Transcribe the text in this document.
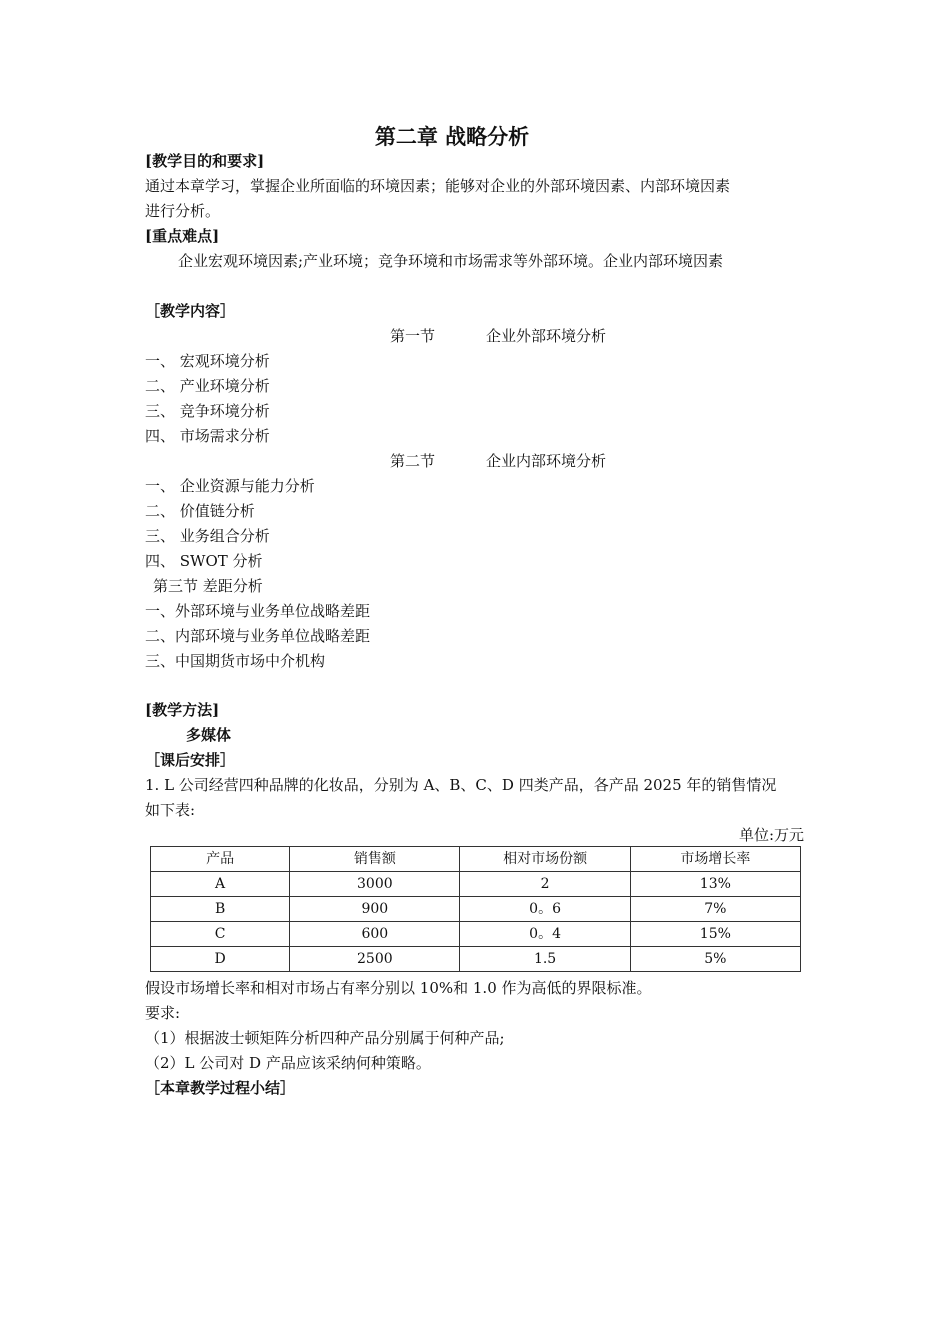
第二章 战略分析
[教学目的和要求]
通过本章学习，掌握企业所面临的环境因素；能够对企业的外部环境因素、内部环境因素
进行分析。
[重点难点]
企业宏观环境因素;产业环境；竞争环境和市场需求等外部环境。企业内部环境因素
［教学内容］
第一节	企业外部环境分析
一、 宏观环境分析
二、 产业环境分析
三、 竞争环境分析
四、 市场需求分析
第二节	企业内部环境分析
一、 企业资源与能力分析
二、 价值链分析
三、 业务组合分析
四、 SWOT 分析
第三节 差距分析
一、外部环境与业务单位战略差距
二、内部环境与业务单位战略差距
三、中国期货市场中介机构
[教学方法]
多媒体
［课后安排］
1. L 公司经营四种品牌的化妆品，分别为 A、B、C、D 四类产品，各产品 2025 年的销售情况
如下表:
单位:万元
产品	销售额	相对市场份额	市场增长率
A	3000	2	13%
B	900	0。6	7%
C	600	0。4	15%
D	2500	1.5	5%
假设市场增长率和相对市场占有率分别以 10%和 1.0 作为高低的界限标准。
要求:
（1）根据波士顿矩阵分析四种产品分别属于何种产品;
（2）L 公司对 D 产品应该采纳何种策略。
［本章教学过程小结］
